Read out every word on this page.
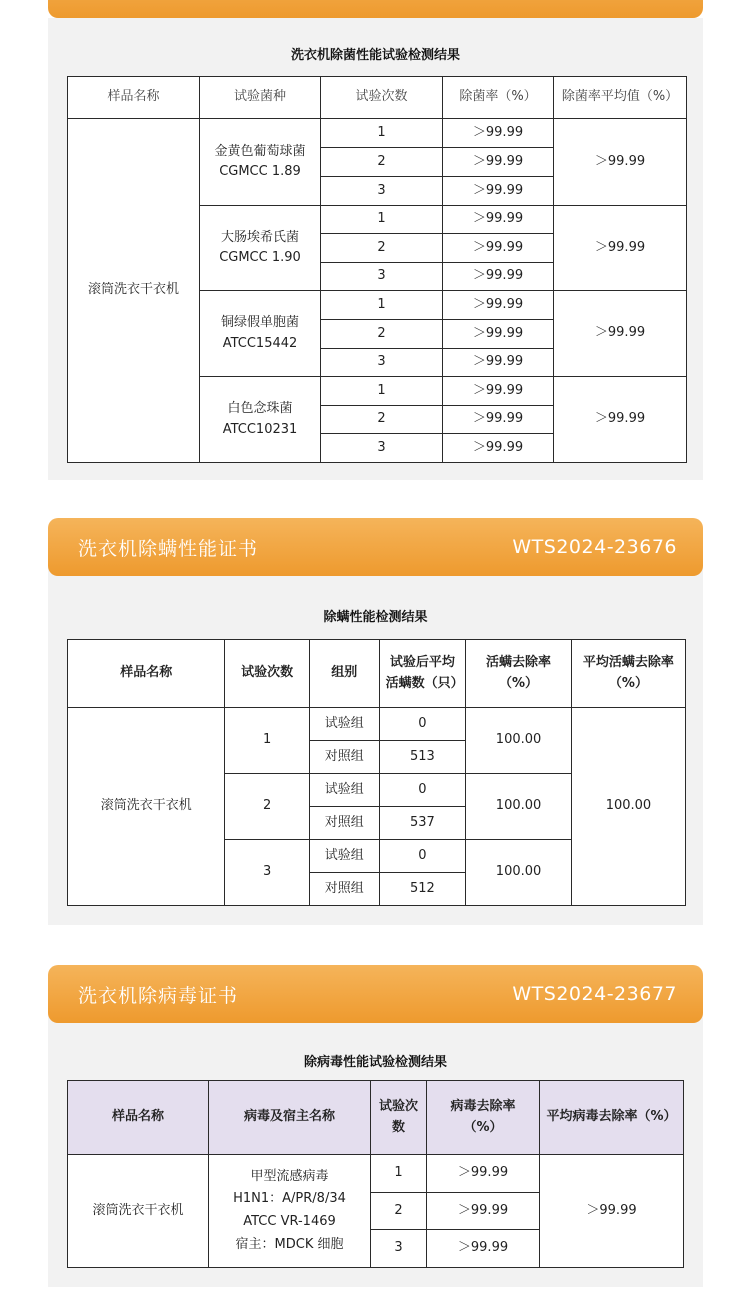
洗衣机除菌性能试验检测结果
样品名称	试验菌种	试验次数	除菌率（%）	除菌率平均值（%）
滚筒洗衣干衣机	金黄色葡萄球菌
CGMCC 1.89	1	＞99.99	＞99.99
		2	＞99.99	
		3	＞99.99	
	大肠埃希氏菌
CGMCC 1.90	1	＞99.99	＞99.99
		2	＞99.99	
		3	＞99.99	
	铜绿假单胞菌
ATCC15442	1	＞99.99	＞99.99
		2	＞99.99	
		3	＞99.99	
	白色念珠菌
ATCC10231	1	＞99.99	＞99.99
		2	＞99.99	
		3	＞99.99	
洗衣机除螨性能证书	WTS2024-23676
除螨性能检测结果
样品名称	试验次数	组别	试验后平均活螨数（只）	活螨去除率（%）	平均活螨去除率（%）
滚筒洗衣干衣机	1	试验组	0	100.00	100.00
		对照组	513		
	2	试验组	0	100.00	
		对照组	537		
	3	试验组	0	100.00	
		对照组	512		
洗衣机除病毒证书	WTS2024-23677
除病毒性能试验检测结果
样品名称	病毒及宿主名称	试验次数	病毒去除率（%）	平均病毒去除率（%）
滚筒洗衣干衣机	甲型流感病毒
H1N1：A/PR/8/34
ATCC VR-1469
宿主：MDCK 细胞	1	＞99.99	＞99.99
		2	＞99.99	
		3	＞99.99	
